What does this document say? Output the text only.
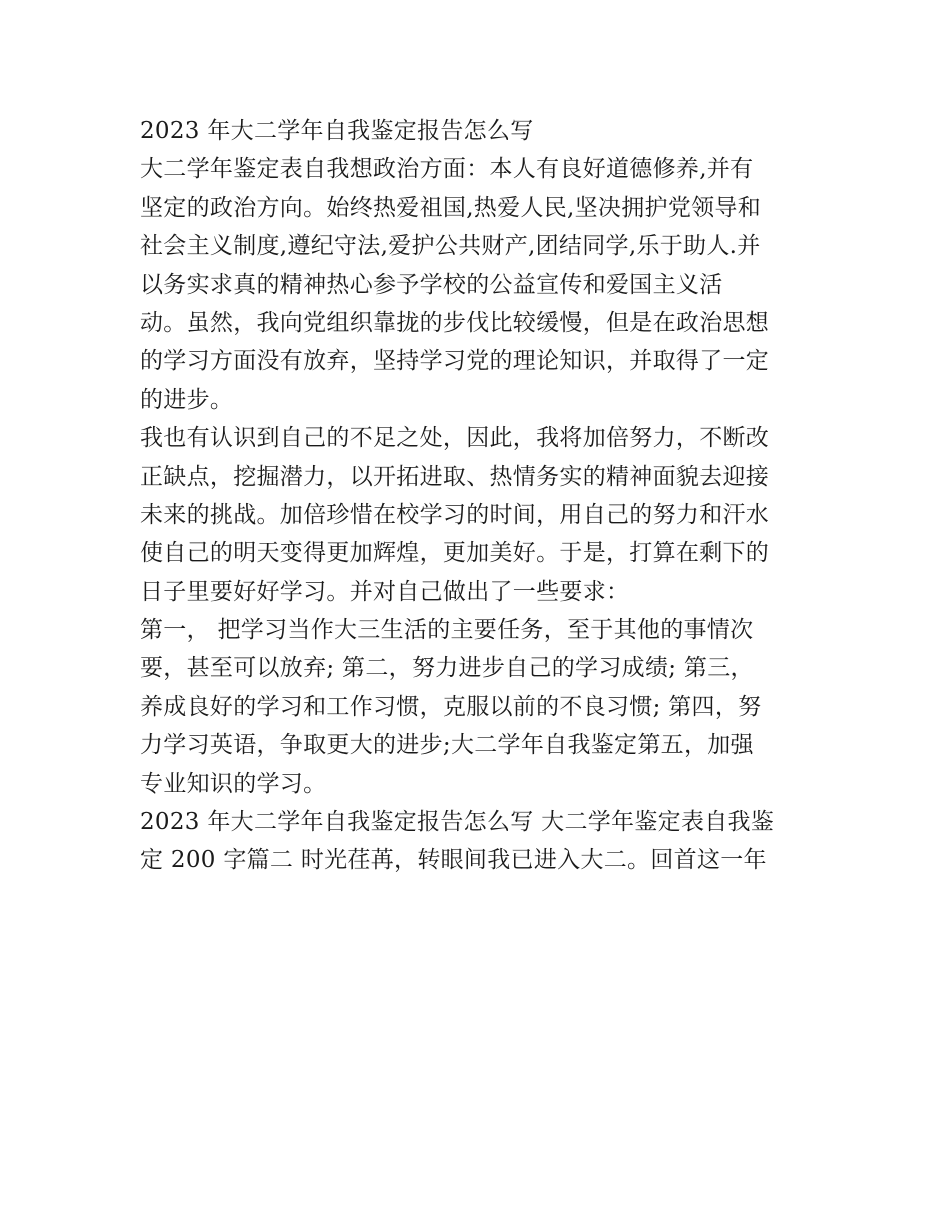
2023 年大二学年自我鉴定报告怎么写
大二学年鉴定表自我想政治方面：本人有良好道德修养,并有
坚定的政治方向。始终热爱祖国,热爱人民,坚决拥护党领导和
社会主义制度,遵纪守法,爱护公共财产,团结同学,乐于助人.并
以务实求真的精神热心参予学校的公益宣传和爱国主义活
动。虽然，我向党组织靠拢的步伐比较缓慢，但是在政治思想
的学习方面没有放弃，坚持学习党的理论知识，并取得了一定
的进步。
我也有认识到自己的不足之处，因此，我将加倍努力，不断改
正缺点，挖掘潜力，以开拓进取、热情务实的精神面貌去迎接
未来的挑战。加倍珍惜在校学习的时间，用自己的努力和汗水
使自己的明天变得更加辉煌，更加美好。于是，打算在剩下的
日子里要好好学习。并对自己做出了一些要求：
第一， 把学习当作大三生活的主要任务，至于其他的事情次
要，甚至可以放弃; 第二，努力进步自己的学习成绩; 第三，
养成良好的学习和工作习惯，克服以前的不良习惯; 第四，努
力学习英语，争取更大的进步;大二学年自我鉴定第五，加强
专业知识的学习。
2023 年大二学年自我鉴定报告怎么写 大二学年鉴定表自我鉴
定 200 字篇二 时光荏苒，转眼间我已进入大二。回首这一年
